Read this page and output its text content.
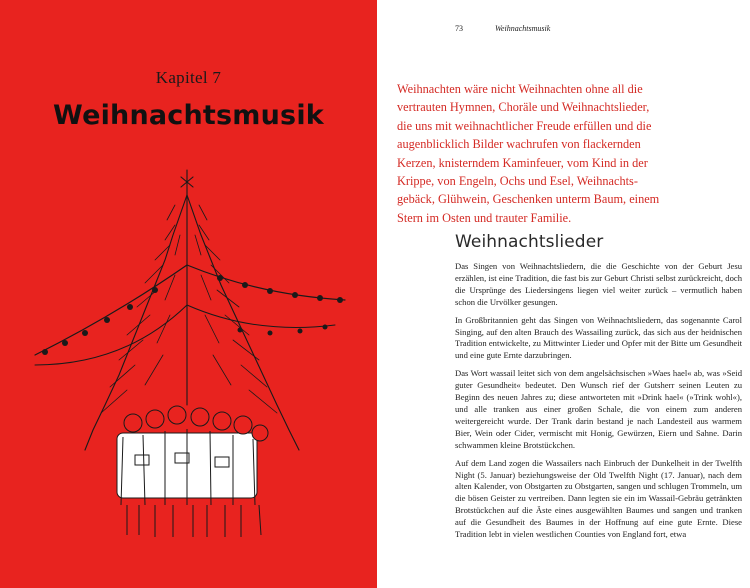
Kapitel 7
Weihnachtsmusik
73	Weihnachtsmusik

Weihnachten wäre nicht Weihnachten ohne all die

vertrauten Hymnen, Choräle und Weihnachtslieder,

die uns mit weihnachtlicher Freude erfüllen und die

augenblicklich Bilder wachrufen von flackernden

Kerzen, knisterndem Kaminfeuer, vom Kind in der

Krippe, von Engeln, Ochs und Esel, Weihnachts-

gebäck, Glühwein, Geschenken unterm Baum, einem

Stern im Osten und trauter Familie.

Weihnachtslieder

Das Singen von Weihnachtsliedern, die die Geschichte von der Geburt Jesu erzählen, ist eine Tradition, die fast bis zur Geburt Christi selbst zurückreicht, doch die Ursprünge des Liedersingens liegen viel weiter zurück – vermutlich haben schon die Urvölker gesungen.

In Großbritannien geht das Singen von Weihnachtsliedern, das sogenannte Carol Singing, auf den alten Brauch des Wassailing zurück, das sich aus der heidnischen Tradition entwickelte, zu Mittwinter Lieder und Opfer mit der Bitte um Gesundheit und eine gute Ernte darzubringen.

Das Wort wassail leitet sich von dem angelsächsischen »Waes hael« ab, was »Seid guter Gesundheit« bedeutet. Den Wunsch rief der Gutsherr seinen Leuten zu Beginn des neuen Jahres zu; diese antworteten mit »Drink hael« (»Trink wohl«), und alle tranken aus einer großen Schale, die von einem zum anderen weitergereicht wurde. Der Trank darin bestand je nach Landesteil aus warmem Bier, Wein oder Cider, vermischt mit Honig, Gewürzen, Eiern und Sahne. Darin schwammen kleine Brotstückchen.

Auf dem Land zogen die Wassailers nach Einbruch der Dunkelheit in der Twelfth Night (5. Januar) beziehungsweise der Old Twelfth Night (17. Januar), nach dem alten Kalender, von Obstgarten zu Obstgarten, sangen und schlugen Trommeln, um die bösen Geister zu vertreiben. Dann legten sie ein im Wassail-Gebräu getränkten Brotstückchen auf die Äste eines ausgewählten Baumes und sangen und tranken auf die Gesundheit des Baumes in der Hoffnung auf eine gute Ernte. Diese Tradition lebt in vielen westlichen Counties von England fort, etwa
